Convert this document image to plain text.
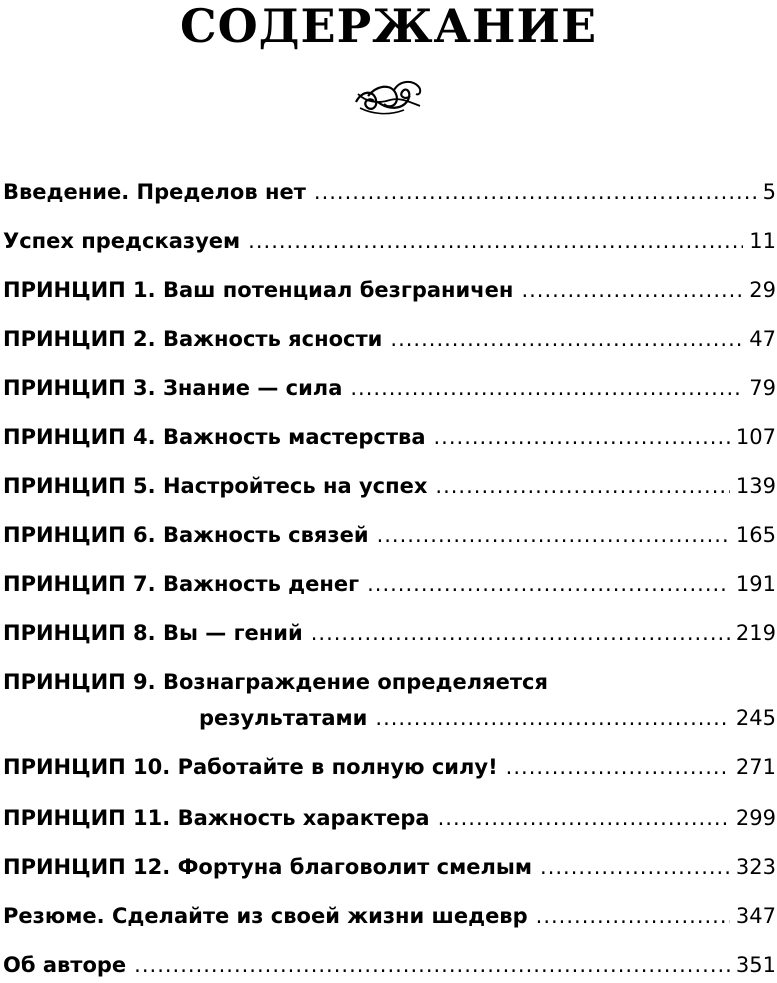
СОДЕРЖАНИЕ
Введение. Пределов нет .....	5
Успех предсказуем .....	11
ПРИНЦИП 1. Ваш потенциал безграничен .....	29
ПРИНЦИП 2. Важность ясности .....	47
ПРИНЦИП 3. Знание — сила .....	79
ПРИНЦИП 4. Важность мастерства .....	107
ПРИНЦИП 5. Настройтесь на успех .....	139
ПРИНЦИП 6. Важность связей .....	165
ПРИНЦИП 7. Важность денег .....	191
ПРИНЦИП 8. Вы — гений .....	219
ПРИНЦИП 9. Вознаграждение определяется
результатами .....	245
ПРИНЦИП 10. Работайте в полную силу! .....	271
ПРИНЦИП 11. Важность характера .....	299
ПРИНЦИП 12. Фортуна благоволит смелым .....	323
Резюме. Сделайте из своей жизни шедевр .....	347
Об авторе .....	351
